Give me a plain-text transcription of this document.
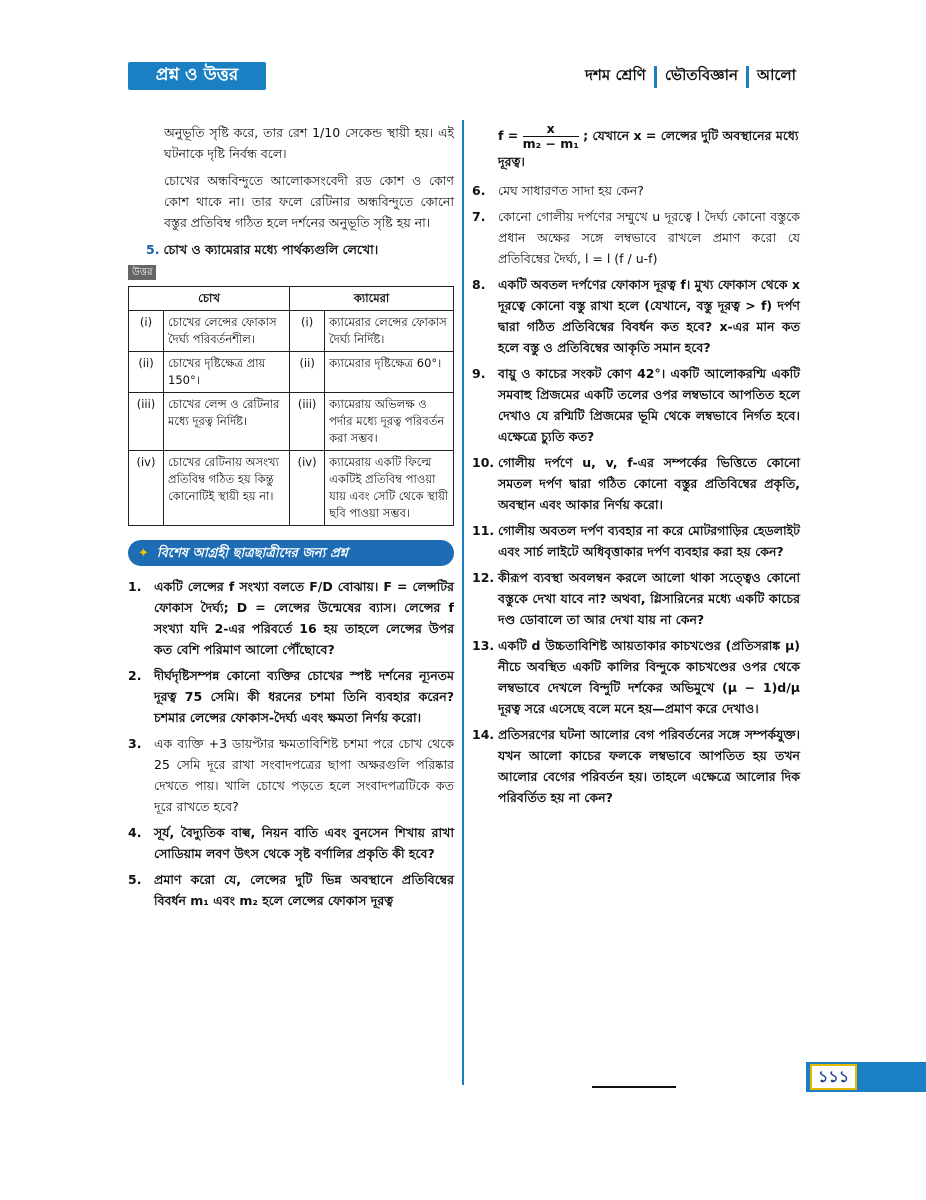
প্রশ্ন ও উত্তর	দশম শ্রেণি ভৌতবিজ্ঞান আলো

অনুভূতি সৃষ্টি করে, তার রেশ 1/10 সেকেন্ড স্থায়ী হয়। এই ঘটনাকে দৃষ্টি নির্বন্ধ বলে।

চোখের অন্ধবিন্দুতে আলোকসংবেদী রড কোশ ও কোণ কোশ থাকে না। তার ফলে রেটিনার অন্ধবিন্দুতে কোনো বস্তুর প্রতিবিম্ব গঠিত হলে দর্শনের অনুভূতি সৃষ্টি হয় না।

5. চোখ ও ক্যামেরার মধ্যে পার্থক্যগুলি লেখো।
উত্তর
চোখ		ক্যামেরা	
(i)	চোখের লেন্সের ফোকাস দৈর্ঘ্য পরিবর্তনশীল।	(i)	ক্যামেরার লেন্সের ফোকাস দৈর্ঘ্য নির্দিষ্ট।
(ii)	চোখের দৃষ্টিক্ষেত্র প্রায় 150°।	(ii)	ক্যামেরার দৃষ্টিক্ষেত্র 60°।
(iii)	চোখের লেন্স ও রেটিনার মধ্যে দূরত্ব নির্দিষ্ট।	(iii)	ক্যামেরায় অভিলক্ষ ও পর্দার মধ্যে দূরত্ব পরিবর্তন করা সম্ভব।
(iv)	চোখের রেটিনায় অসংখ্য প্রতিবিম্ব গঠিত হয় কিন্তু কোনোটিই স্থায়ী হয় না।	(iv)	ক্যামেরায় একটি ফিল্মে একটিই প্রতিবিম্ব পাওয়া যায় এবং সেটি থেকে স্থায়ী ছবি পাওয়া সম্ভব।
✦ বিশেষ আগ্রহী ছাত্রছাত্রীদের জন্য প্রশ্ন
1.	একটি লেন্সের f সংখ্যা বলতে F/D বোঝায়। F = লেন্সটির ফোকাস দৈর্ঘ্য; D = লেন্সের উন্মেষের ব্যাস। লেন্সের f সংখ্যা যদি 2-এর পরিবর্তে 16 হয় তাহলে লেন্সের উপর কত বেশি পরিমাণ আলো পৌঁছোবে?
2.	দীর্ঘদৃষ্টিসম্পন্ন কোনো ব্যক্তির চোখের স্পষ্ট দর্শনের ন্যূনতম দূরত্ব 75 সেমি। কী ধরনের চশমা তিনি ব্যবহার করেন? চশমার লেন্সের ফোকাস-দৈর্ঘ্য এবং ক্ষমতা নির্ণয় করো।
3.	এক ব্যক্তি +3 ডায়প্টার ক্ষমতাবিশিষ্ট চশমা পরে চোখ থেকে 25 সেমি দূরে রাখা সংবাদপত্রের ছাপা অক্ষরগুলি পরিষ্কার দেখতে পায়। খালি চোখে পড়তে হলে সংবাদপত্রটিকে কত দূরে রাখতে হবে?
4.	সূর্য, বৈদ্যুতিক বাল্ব, নিয়ন বাতি এবং বুনসেন শিখায় রাখা সোডিয়াম লবণ উৎস থেকে সৃষ্ট বর্ণালির প্রকৃতি কী হবে?
5.	প্রমাণ করো যে, লেন্সের দুটি ভিন্ন অবস্থানে প্রতিবিম্বের বিবর্ধন m₁ এবং m₂ হলে লেন্সের ফোকাস দূরত্ব
$f = \frac{x}{\text{m₂ − m₁}}$ ; যেখানে x = লেন্সের দুটি অবস্থানের মধ্যে দূরত্ব।
6.	মেঘ সাধারণত সাদা হয় কেন?
7.	কোনো গোলীয় দর্পণের সম্মুখে u দূরত্বে l দৈর্ঘ্য কোনো বস্তুকে প্রধান অক্ষের সঙ্গে লম্বভাবে রাখলে প্রমাণ করো যে প্রতিবিম্বের দৈর্ঘ্য, l = l (f / u-f)
8.	একটি অবতল দর্পণের ফোকাস দূরত্ব f। মুখ্য ফোকাস থেকে x দূরত্বে কোনো বস্তু রাখা হলে (যেখানে, বস্তু দূরত্ব > f) দর্পণ দ্বারা গঠিত প্রতিবিম্বের বিবর্ধন কত হবে? x-এর মান কত হলে বস্তু ও প্রতিবিম্বের আকৃতি সমান হবে?
9.	বায়ু ও কাচের সংকট কোণ 42°। একটি আলোকরশ্মি একটি সমবাহু প্রিজমের একটি তলের ওপর লম্বভাবে আপতিত হলে দেখাও যে রশ্মিটি প্রিজমের ভূমি থেকে লম্বভাবে নির্গত হবে। এক্ষেত্রে চ্যুতি কত?
10. গোলীয় দর্পণে u, v, f-এর সম্পর্কের ভিত্তিতে কোনো সমতল দর্পণ দ্বারা গঠিত কোনো বস্তুর প্রতিবিম্বের প্রকৃতি, অবস্থান এবং আকার নির্ণয় করো।
11. গোলীয় অবতল দর্পণ ব্যবহার না করে মোটরগাড়ির হেডলাইট এবং সার্চ লাইটে অধিবৃত্তাকার দর্পণ ব্যবহার করা হয় কেন?
12. কীরূপ ব্যবস্থা অবলম্বন করলে আলো থাকা সত্ত্বেও কোনো বস্তুকে দেখা যাবে না? অথবা, গ্লিসারিনের মধ্যে একটি কাচের দণ্ড ডোবালে তা আর দেখা যায় না কেন?
13. একটি d উচ্চতাবিশিষ্ট আয়তাকার কাচখণ্ডের (প্রতিসরাঙ্ক μ) নীচে অবস্থিত একটি কালির বিন্দুকে কাচখণ্ডের ওপর থেকে লম্বভাবে দেখলে বিন্দুটি দর্শকের অভিমুখে (μ − 1)d/μ দূরত্ব সরে এসেছে বলে মনে হয়—প্রমাণ করে দেখাও।
14. প্রতিসরণের ঘটনা আলোর বেগ পরিবর্তনের সঙ্গে সম্পর্কযুক্ত। যখন আলো কাচের ফলকে লম্বভাবে আপতিত হয় তখন আলোর বেগের পরিবর্তন হয়। তাহলে এক্ষেত্রে আলোর দিক পরিবর্তিত হয় না কেন?
১১১
